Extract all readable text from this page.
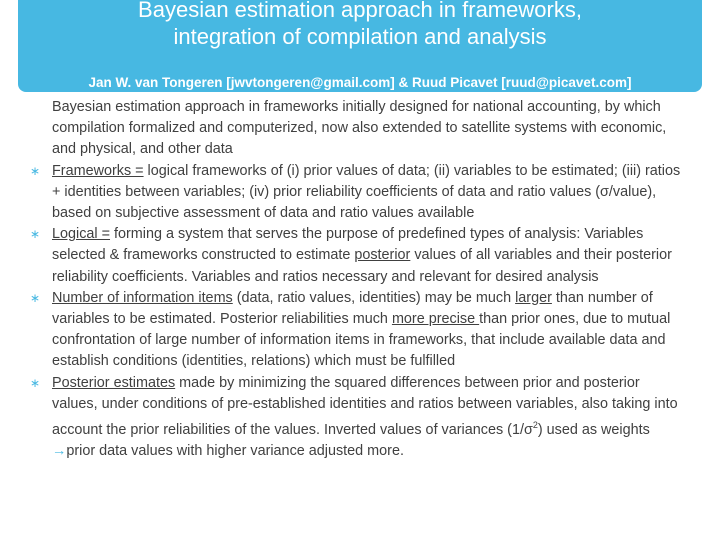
Bayesian estimation approach in frameworks,
integration of compilation and analysis
Jan W. van Tongeren [jwvtongeren@gmail.com] & Ruud Picavet [ruud@picavet.com]

Bayesian estimation approach in frameworks initially designed for national accounting, by which compilation formalized and computerized, now also extended to satellite systems with economic, and physical, and other data

∗ Frameworks = logical frameworks of (i) prior values of data; (ii) variables to be estimated; (iii) ratios + identities between variables; (iv) prior reliability coefficients of data and ratio values (σ/value), based on subjective assessment of data and ratio values available

∗ Logical = forming a system that serves the purpose of predefined types of analysis: Variables selected & frameworks constructed to estimate posterior values of all variables and their posterior reliability coefficients. Variables and ratios necessary and relevant for desired analysis

∗ Number of information items (data, ratio values, identities) may be much larger than number of variables to be estimated. Posterior reliabilities much more precise than prior ones, due to mutual confrontation of large number of information items in frameworks, that include available data and establish conditions (identities, relations) which must be fulfilled

∗ Posterior estimates made by minimizing the squared differences between prior and posterior values, under conditions of pre-established identities and ratios between variables, also taking into account the prior reliabilities of the values. Inverted values of variances $(1/\sigma^2)$ used as weights →prior data values with higher variance adjusted more.
